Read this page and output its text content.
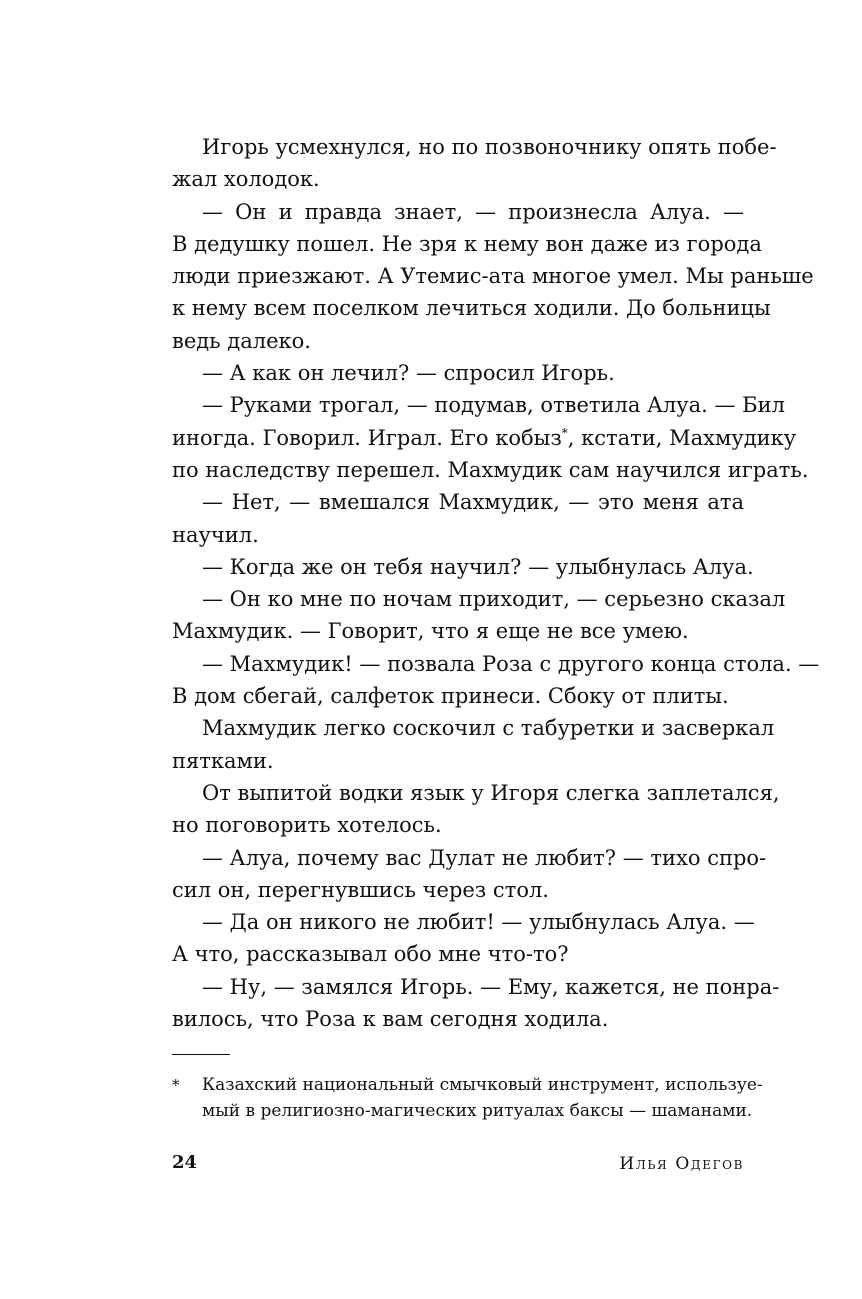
Игорь усмехнулся, но по позвоночнику опять побе-
жал холодок.
— Он и правда знает, — произнесла Алуа. —
В дедушку пошел. Не зря к нему вон даже из города
люди приезжают. А Утемис-ата многое умел. Мы раньше
к нему всем поселком лечиться ходили. До больницы
ведь далеко.
— А как он лечил? — спросил Игорь.
— Руками трогал, — подумав, ответила Алуа. — Бил
иногда. Говорил. Играл. Его кобыз*, кстати, Махмудику
по наследству перешел. Махмудик сам научился играть.
— Нет, — вмешался Махмудик, — это меня ата
научил.
— Когда же он тебя научил? — улыбнулась Алуа.
— Он ко мне по ночам приходит, — серьезно сказал
Махмудик. — Говорит, что я еще не все умею.
— Махмудик! — позвала Роза с другого конца стола. —
В дом сбегай, салфеток принеси. Сбоку от плиты.
Махмудик легко соскочил с табуретки и засверкал
пятками.
От выпитой водки язык у Игоря слегка заплетался,
но поговорить хотелось.
— Алуа, почему вас Дулат не любит? — тихо спро-
сил он, перегнувшись через стол.
— Да он никого не любит! — улыбнулась Алуа. —
А что, рассказывал обо мне что-то?
— Ну, — замялся Игорь. — Ему, кажется, не понра-
вилось, что Роза к вам сегодня ходила.
* Казахский национальный смычковый инструмент, используе-
мый в религиозно-магических ритуалах баксы — шаманами.
24	Илья Одегов
